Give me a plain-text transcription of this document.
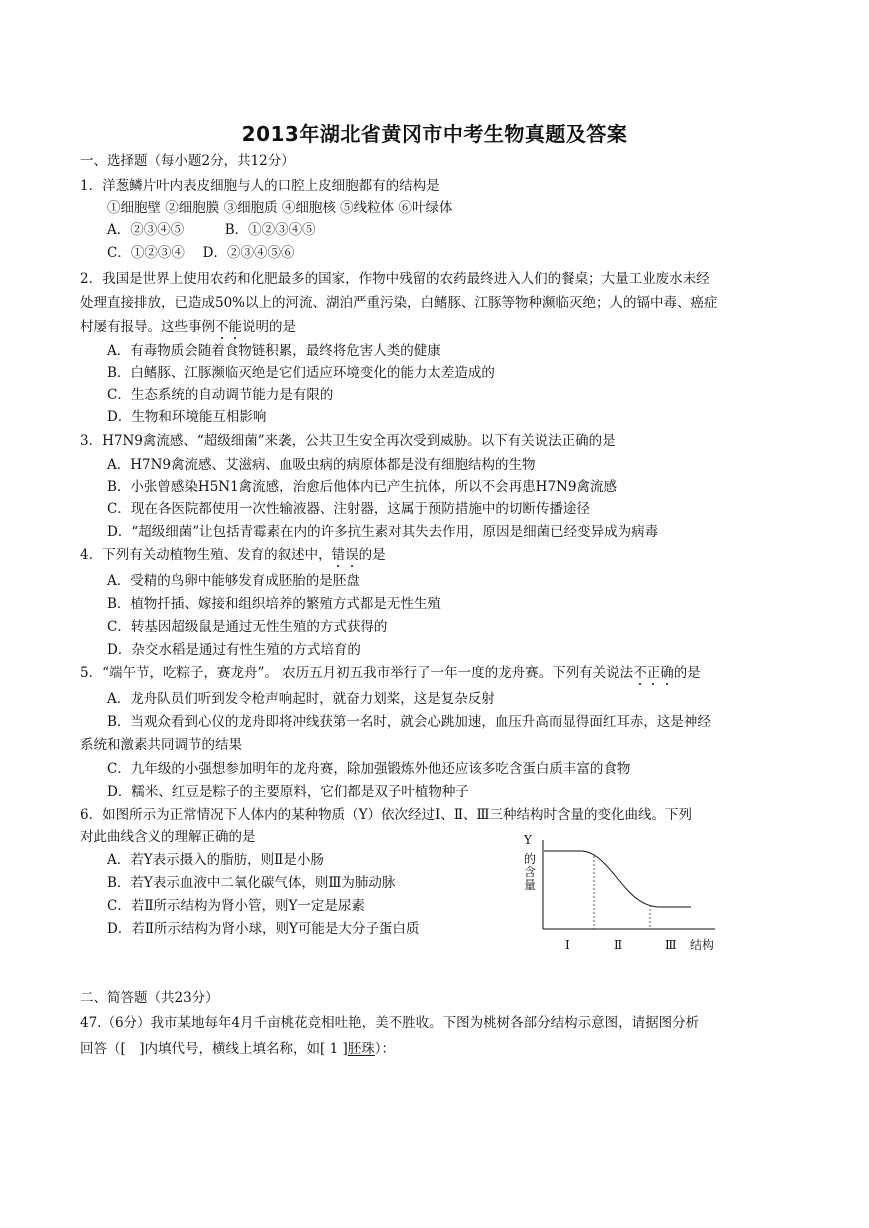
2013年湖北省黄冈市中考生物真题及答案
一、选择题（每小题2分，共12分）
1．洋葱鳞片叶内表皮细胞与人的口腔上皮细胞都有的结构是
①细胞壁 ②细胞膜 ③细胞质 ④细胞核 ⑤线粒体 ⑥叶绿体
A．②③④⑤　　　B．①②③④⑤
C．①②③④　 D．②③④⑤⑥
2．我国是世界上使用农药和化肥最多的国家，作物中残留的农药最终进入人们的餐桌；大量工业废水未经
处理直接排放，已造成50%以上的河流、湖泊严重污染，白鳍豚、江豚等物种濒临灭绝；人的镉中毒、癌症
村屡有报导。这些事例不能说明的是
A．有毒物质会随着食物链积累，最终将危害人类的健康
B．白鳍豚、江豚濒临灭绝是它们适应环境变化的能力太差造成的
C．生态系统的自动调节能力是有限的
D．生物和环境能互相影响
3．H7N9禽流感、“超级细菌”来袭，公共卫生安全再次受到威胁。以下有关说法正确的是
A．H7N9禽流感、艾滋病、血吸虫病的病原体都是没有细胞结构的生物
B．小张曾感染H5N1禽流感，治愈后他体内已产生抗体，所以不会再患H7N9禽流感
C．现在各医院都使用一次性输液器、注射器，这属于预防措施中的切断传播途径
D．“超级细菌”让包括青霉素在内的许多抗生素对其失去作用，原因是细菌已经变异成为病毒
4．下列有关动植物生殖、发育的叙述中，错误的是
A．受精的鸟卵中能够发育成胚胎的是胚盘
B．植物扦插、嫁接和组织培养的繁殖方式都是无性生殖
C．转基因超级鼠是通过无性生殖的方式获得的
D．杂交水稻是通过有性生殖的方式培育的
5．“端午节，吃粽子，赛龙舟”。 农历五月初五我市举行了一年一度的龙舟赛。下列有关说法不正确的是
A．龙舟队员们听到发令枪声响起时，就奋力划桨，这是复杂反射
B．当观众看到心仪的龙舟即将冲线获第一名时，就会心跳加速，血压升高而显得面红耳赤，这是神经
系统和激素共同调节的结果
C．九年级的小强想参加明年的龙舟赛，除加强锻炼外他还应该多吃含蛋白质丰富的食物
D．糯米、红豆是粽子的主要原料，它们都是双子叶植物种子
6．如图所示为正常情况下人体内的某种物质（Y）依次经过Ⅰ、Ⅱ、Ⅲ三种结构时含量的变化曲线。下列
对此曲线含义的理解正确的是
A．若Y表示摄入的脂肪，则Ⅱ是小肠
B．若Y表示血液中二氧化碳气体，则Ⅲ为肺动脉
C．若Ⅱ所示结构为肾小管，则Y一定是尿素
D．若Ⅱ所示结构为肾小球，则Y可能是大分子蛋白质
Y
的
含
量
Ⅰ	Ⅱ	Ⅲ 结构
二、简答题（共23分）
47.（6分）我市某地每年4月千亩桃花竞相吐艳，美不胜收。下图为桃树各部分结构示意图，请据图分析
回答（[　]内填代号，横线上填名称，如[ 1 ]胚珠）：
